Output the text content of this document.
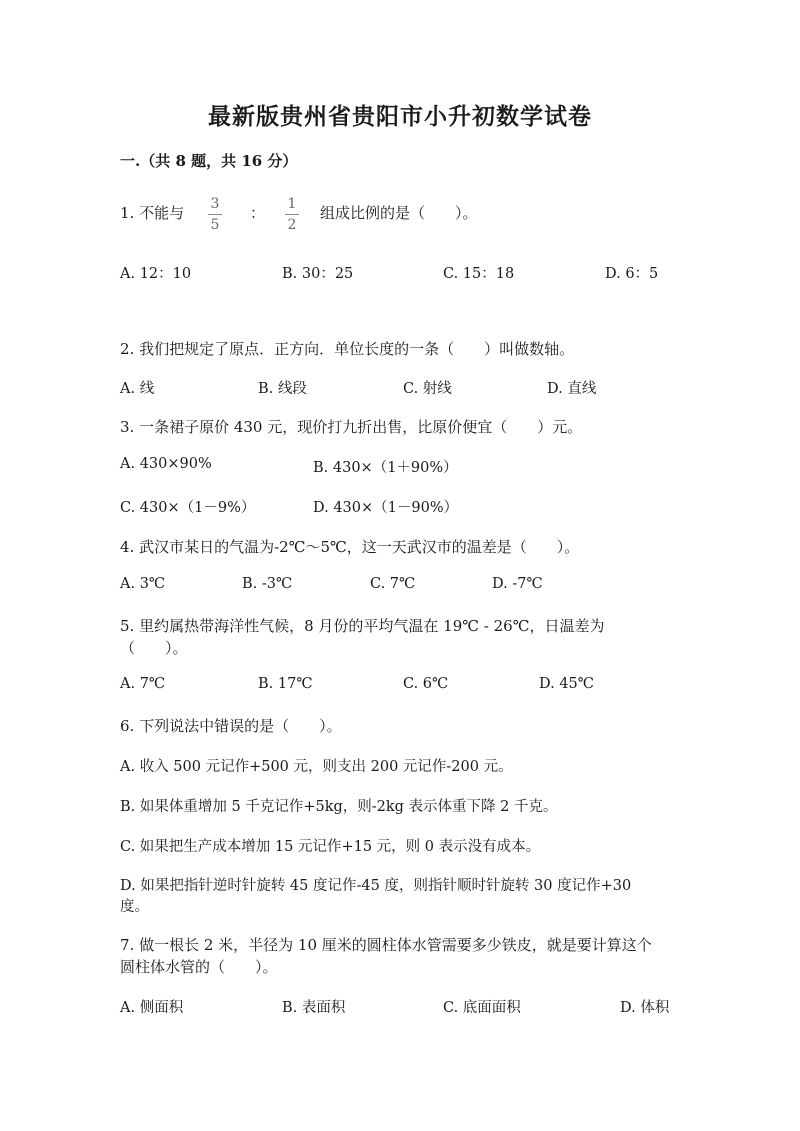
最新版贵州省贵阳市小升初数学试卷
一.（共 8 题，共 16 分）
1. 不能与 3
5
： 1
2
组成比例的是（　　）。
A. 12：10	B. 30：25	C. 15：18	D. 6：5
2. 我们把规定了原点．正方向．单位长度的一条（　　）叫做数轴。
A. 线	B. 线段	C. 射线	D. 直线
3. 一条裙子原价 430 元，现价打九折出售，比原价便宜（　　）元。
A. 430×90%	B. 430×（1＋90%）
C. 430×（1－9%）	D. 430×（1－90%）
4. 武汉市某日的气温为-2℃～5℃，这一天武汉市的温差是（　　）。
A. 3℃	B. -3℃	C. 7℃	D. -7℃
5. 里约属热带海洋性气候，8 月份的平均气温在 19℃ - 26℃，日温差为
（　　）。
A. 7℃	B. 17℃	C. 6℃	D. 45℃
6. 下列说法中错误的是（　　）。
A. 收入 500 元记作+500 元，则支出 200 元记作-200 元。
B. 如果体重增加 5 千克记作+5kg，则-2kg 表示体重下降 2 千克。
C. 如果把生产成本增加 15 元记作+15 元，则 0 表示没有成本。
D. 如果把指针逆时针旋转 45 度记作-45 度，则指针顺时针旋转 30 度记作+30
度。
7. 做一根长 2 米，半径为 10 厘米的圆柱体水管需要多少铁皮，就是要计算这个
圆柱体水管的（　　）。
A. 侧面积	B. 表面积	C. 底面面积	D. 体积
